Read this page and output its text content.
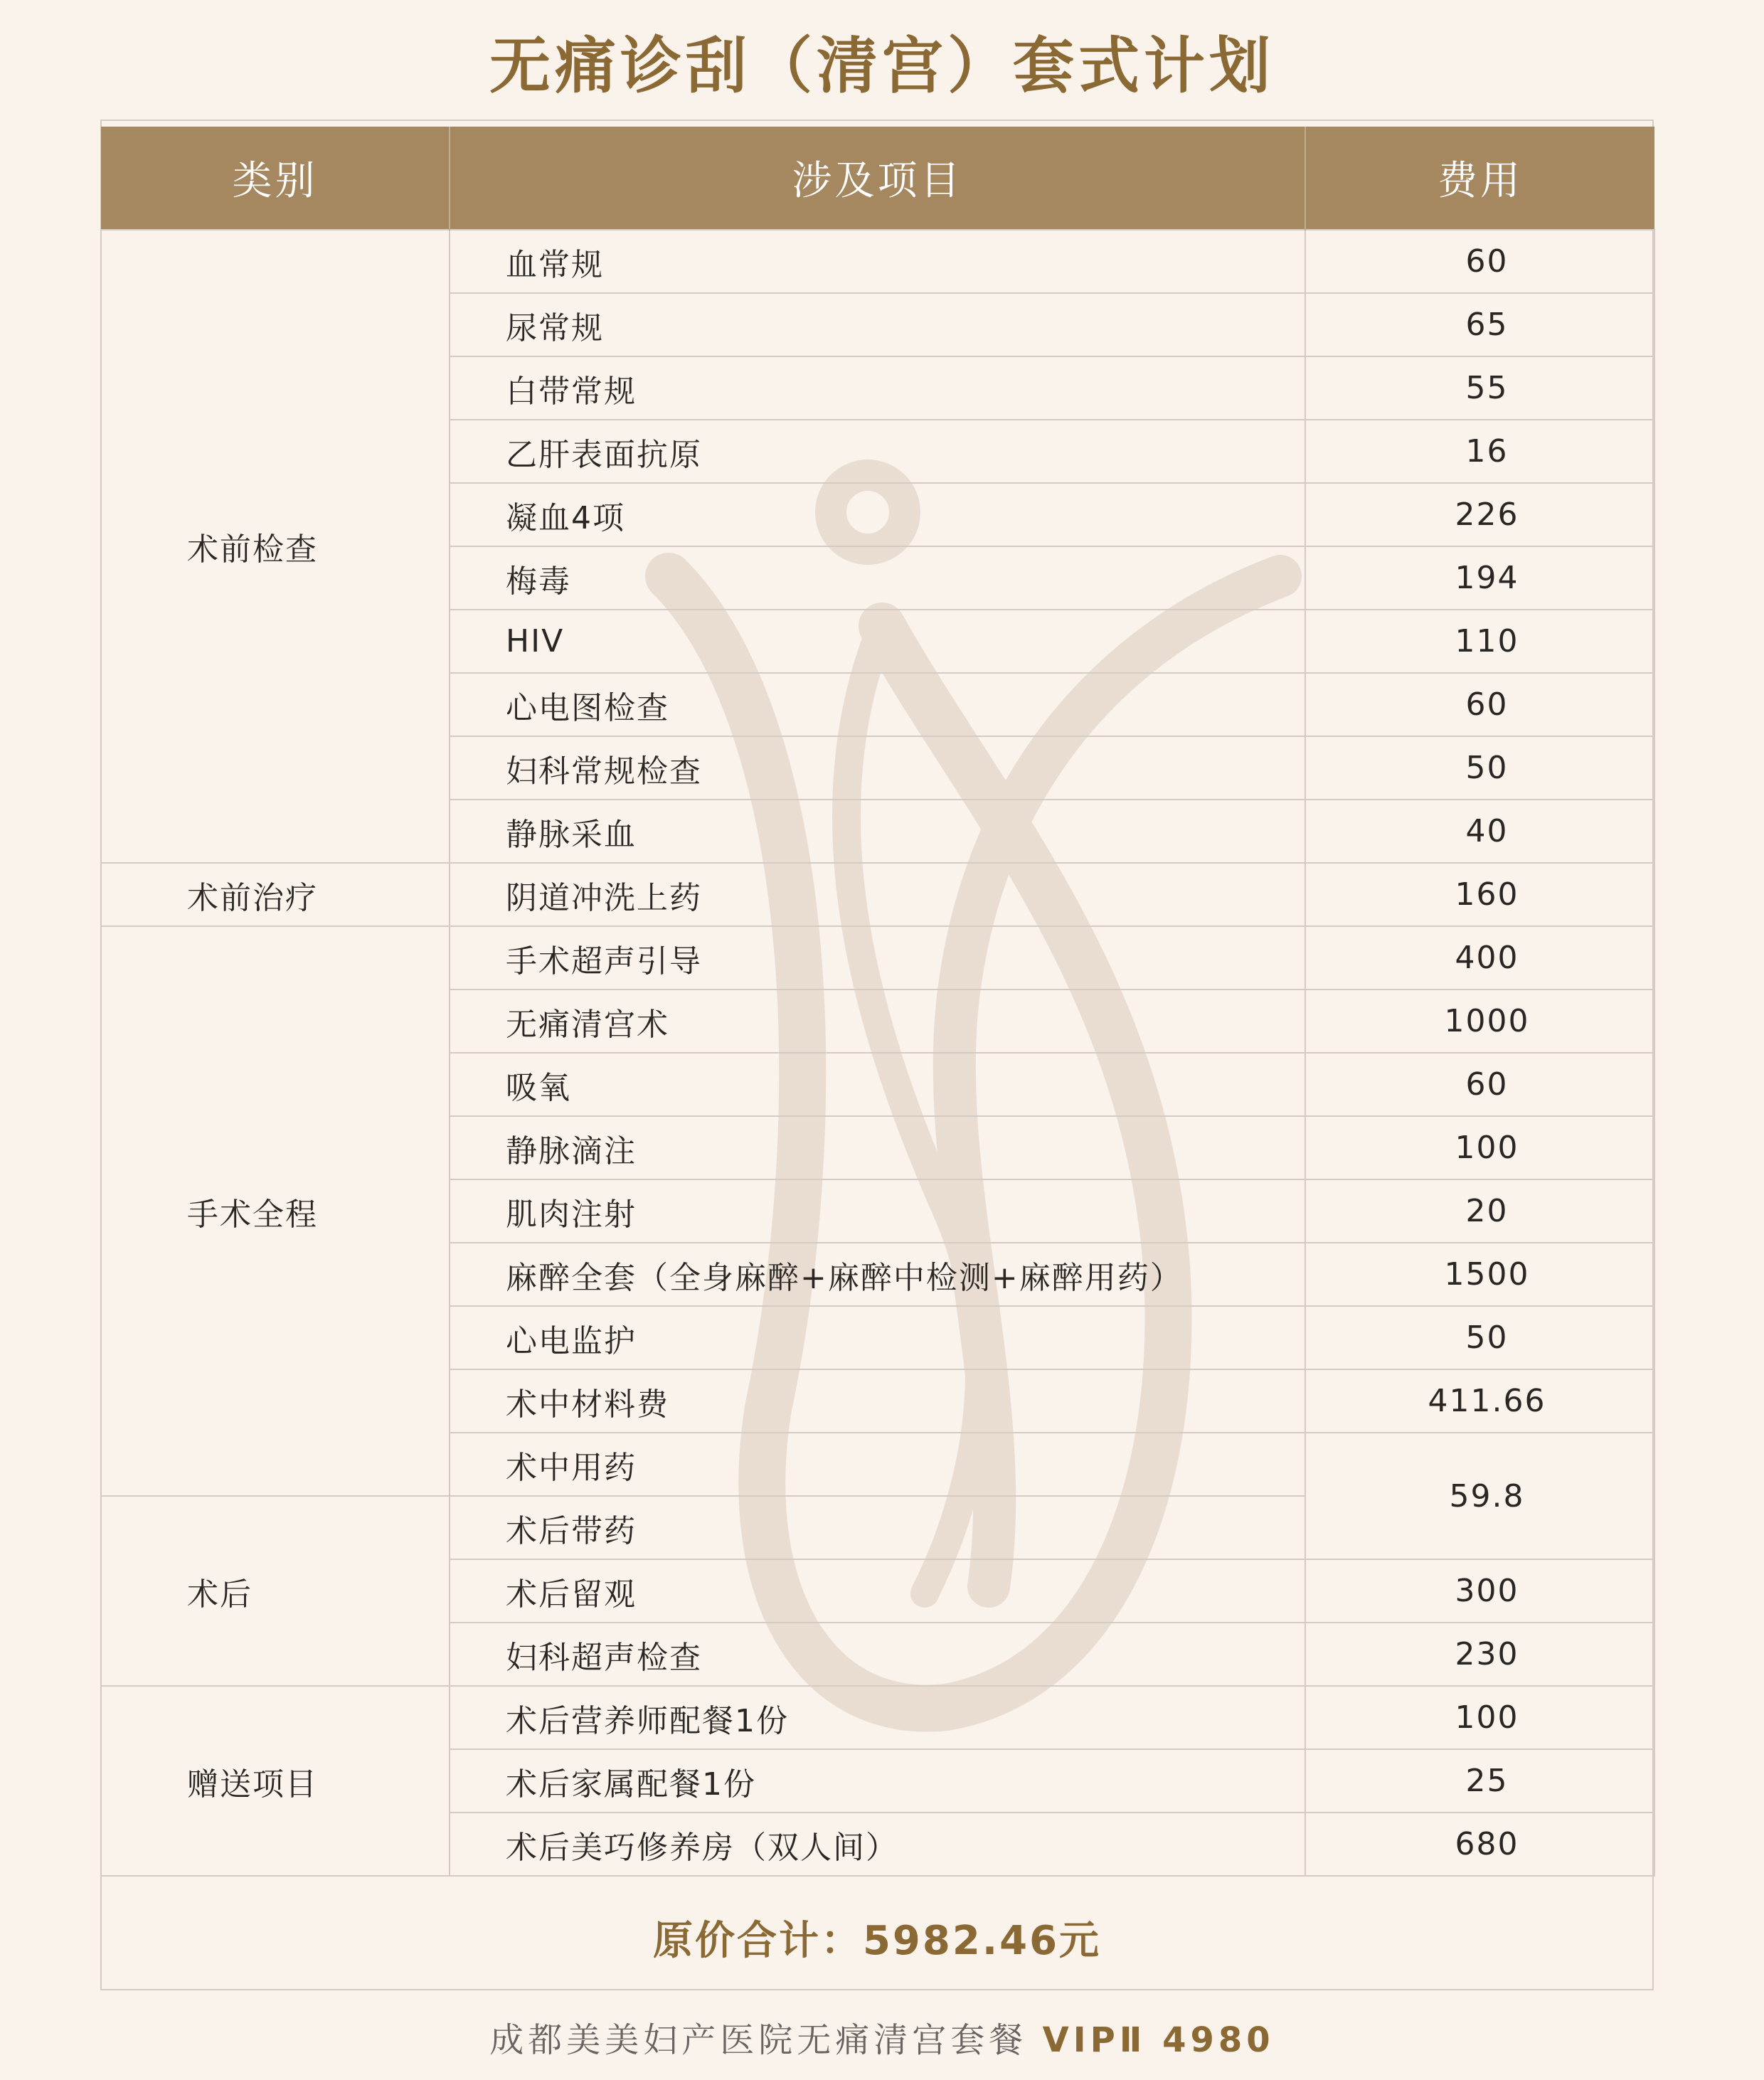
无痛诊刮（清宫）套式计划
类别	涉及项目	费用
术前检查	血常规	60
	尿常规	65
	白带常规	55
	乙肝表面抗原	16
	凝血4项	226
	梅毒	194
	HIV	110
	心电图检查	60
	妇科常规检查	50
	静脉采血	40
术前治疗	阴道冲洗上药	160
手术全程	手术超声引导	400
	无痛清宫术	1000
	吸氧	60
	静脉滴注	100
	肌肉注射	20
	麻醉全套（全身麻醉+麻醉中检测+麻醉用药）	1500
	心电监护	50
	术中材料费	411.66
	术中用药	59.8
术后	术后带药	
	术后留观	300
	妇科超声检查	230
赠送项目	术后营养师配餐1份	100
	术后家属配餐1份	25
	术后美巧修养房（双人间）	680
原价合计：5982.46元
成都美美妇产医院无痛清宫套餐 VIPⅡ 4980
